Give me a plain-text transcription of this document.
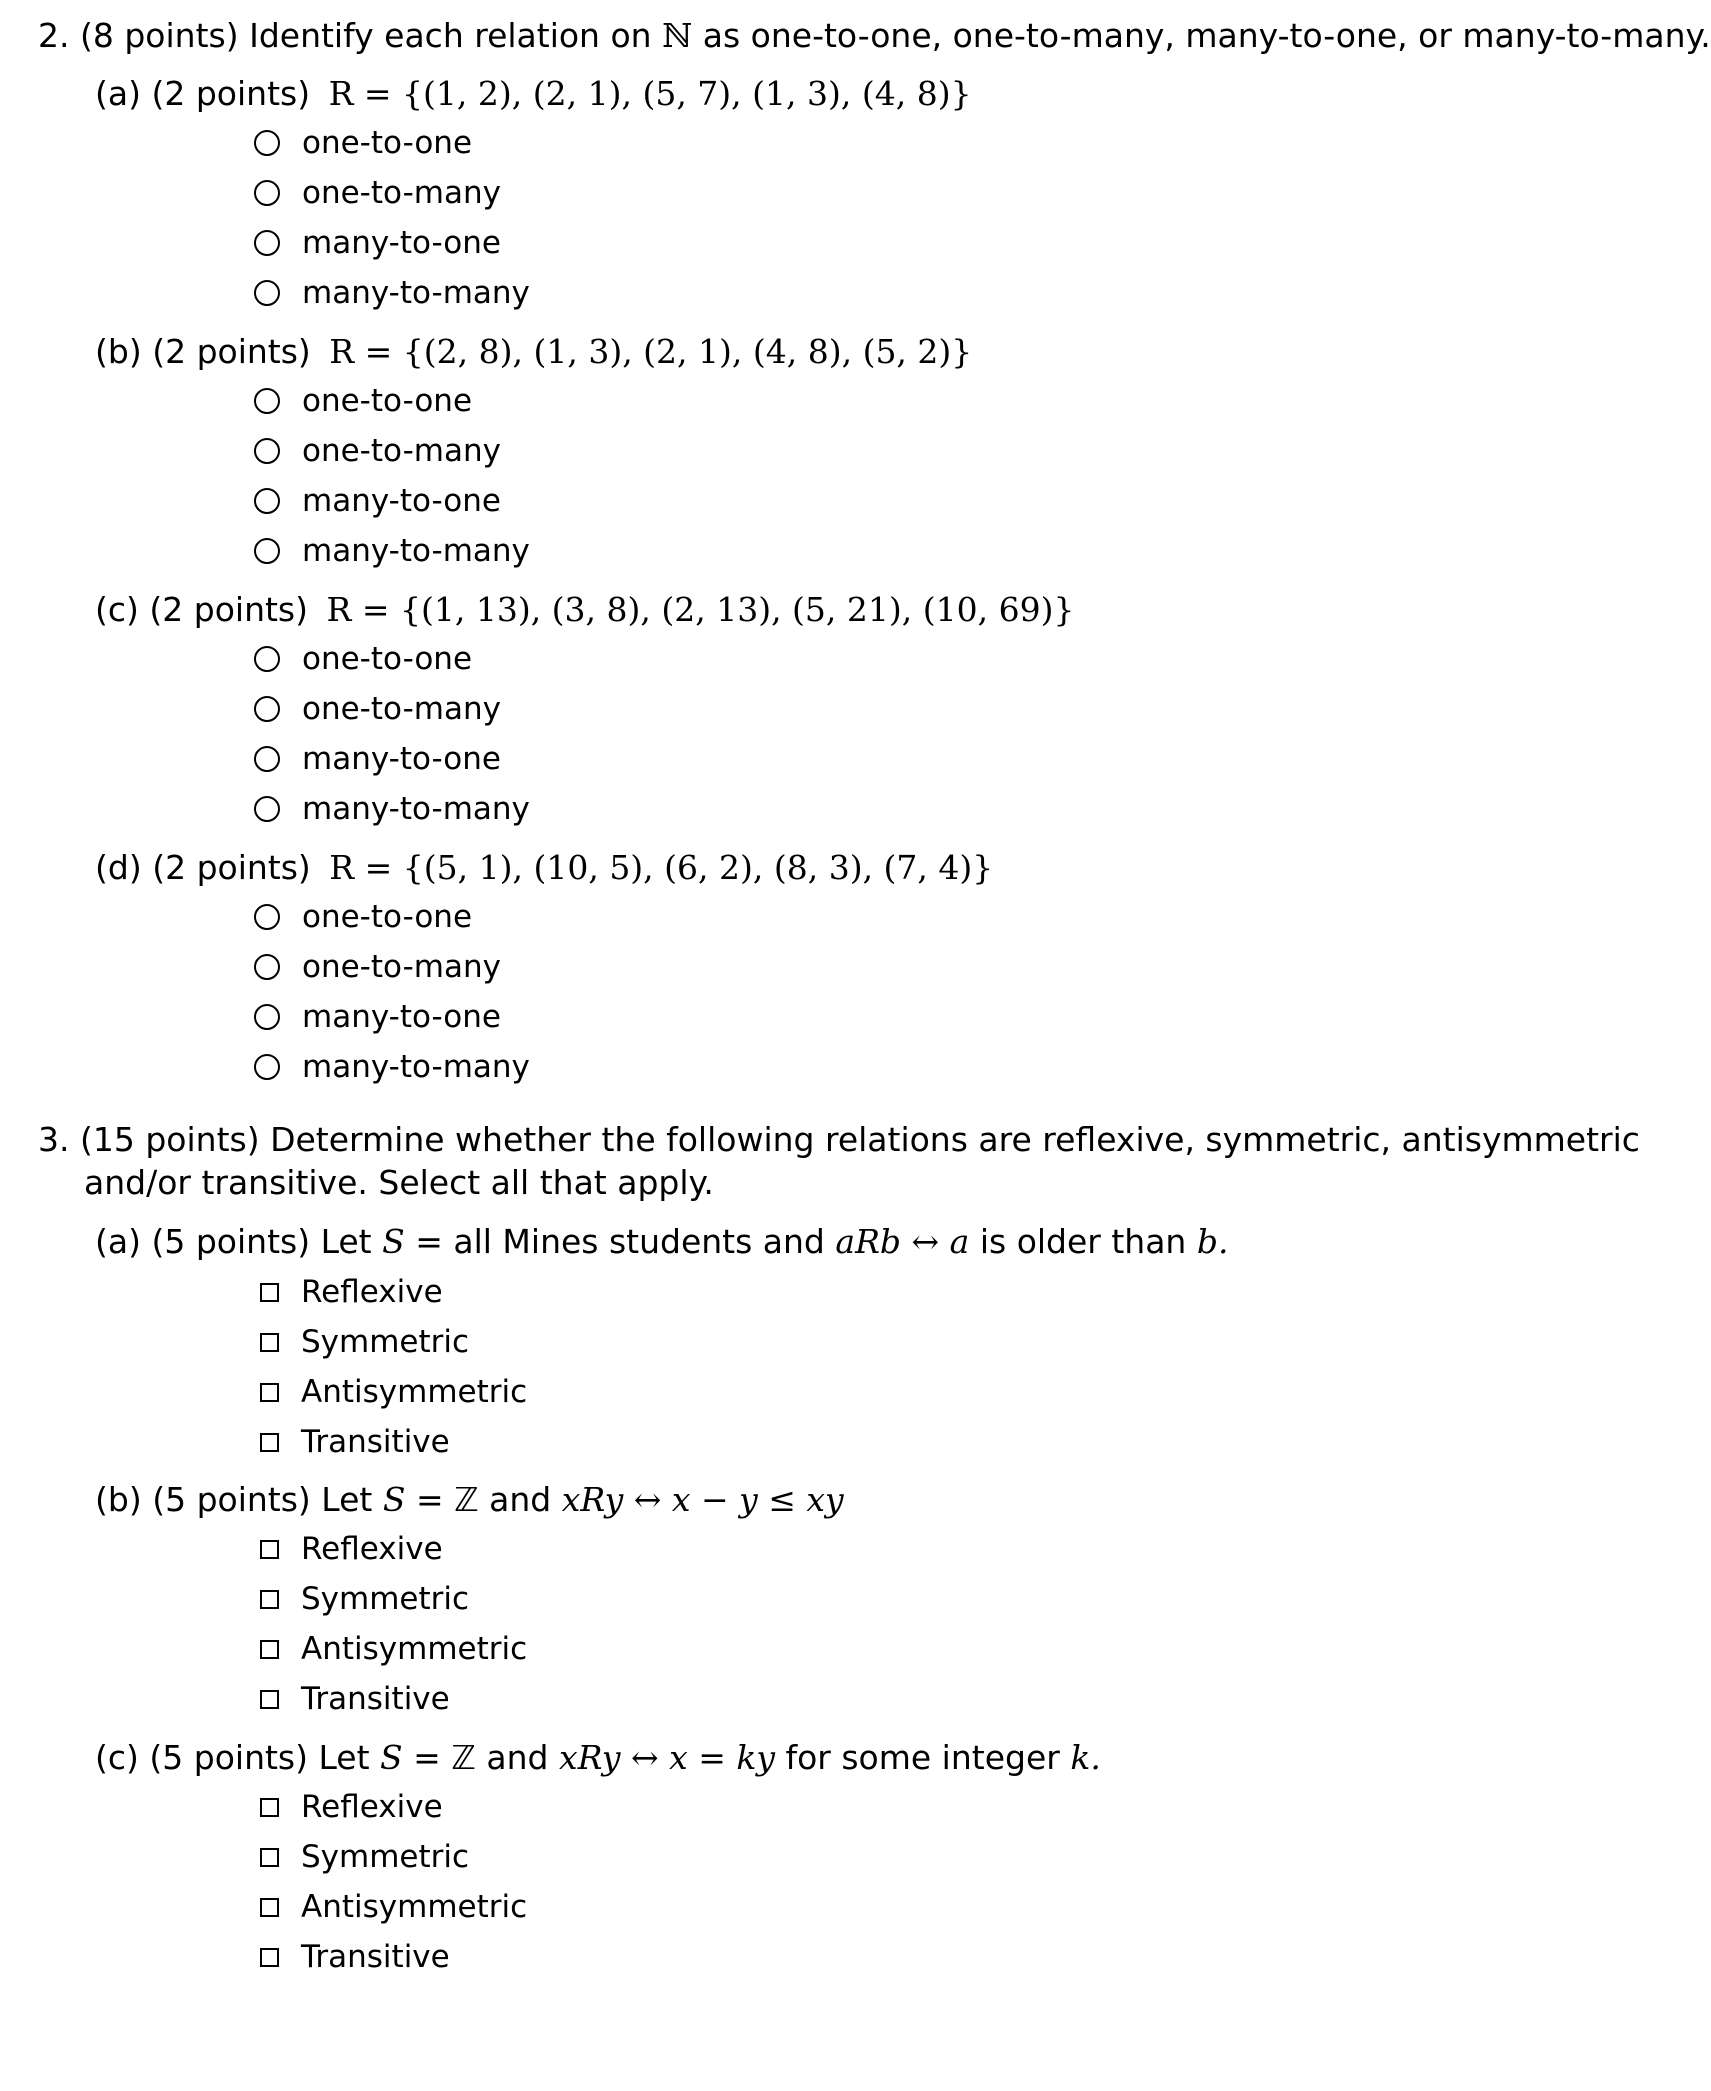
2. (8 points) Identify each relation on ℕ as one-to-one, one-to-many, many-to-one, or many-to-many.
(a) (2 points) R = {(1, 2), (2, 1), (5, 7), (1, 3), (4, 8)}
one-to-one
one-to-many
many-to-one
many-to-many
(b) (2 points) R = {(2, 8), (1, 3), (2, 1), (4, 8), (5, 2)}
one-to-one
one-to-many
many-to-one
many-to-many
(c) (2 points) R = {(1, 13), (3, 8), (2, 13), (5, 21), (10, 69)}
one-to-one
one-to-many
many-to-one
many-to-many
(d) (2 points) R = {(5, 1), (10, 5), (6, 2), (8, 3), (7, 4)}
one-to-one
one-to-many
many-to-one
many-to-many
3. (15 points) Determine whether the following relations are reflexive, symmetric, antisymmetric
and/or transitive. Select all that apply.
(a) (5 points) Let S = all Mines students and aRb ↔ a is older than b.
Reflexive
Symmetric
Antisymmetric
Transitive
(b) (5 points) Let S = ℤ and xRy ↔ x − y ≤ xy
Reflexive
Symmetric
Antisymmetric
Transitive
(c) (5 points) Let S = ℤ and xRy ↔ x = ky for some integer k.
Reflexive
Symmetric
Antisymmetric
Transitive
